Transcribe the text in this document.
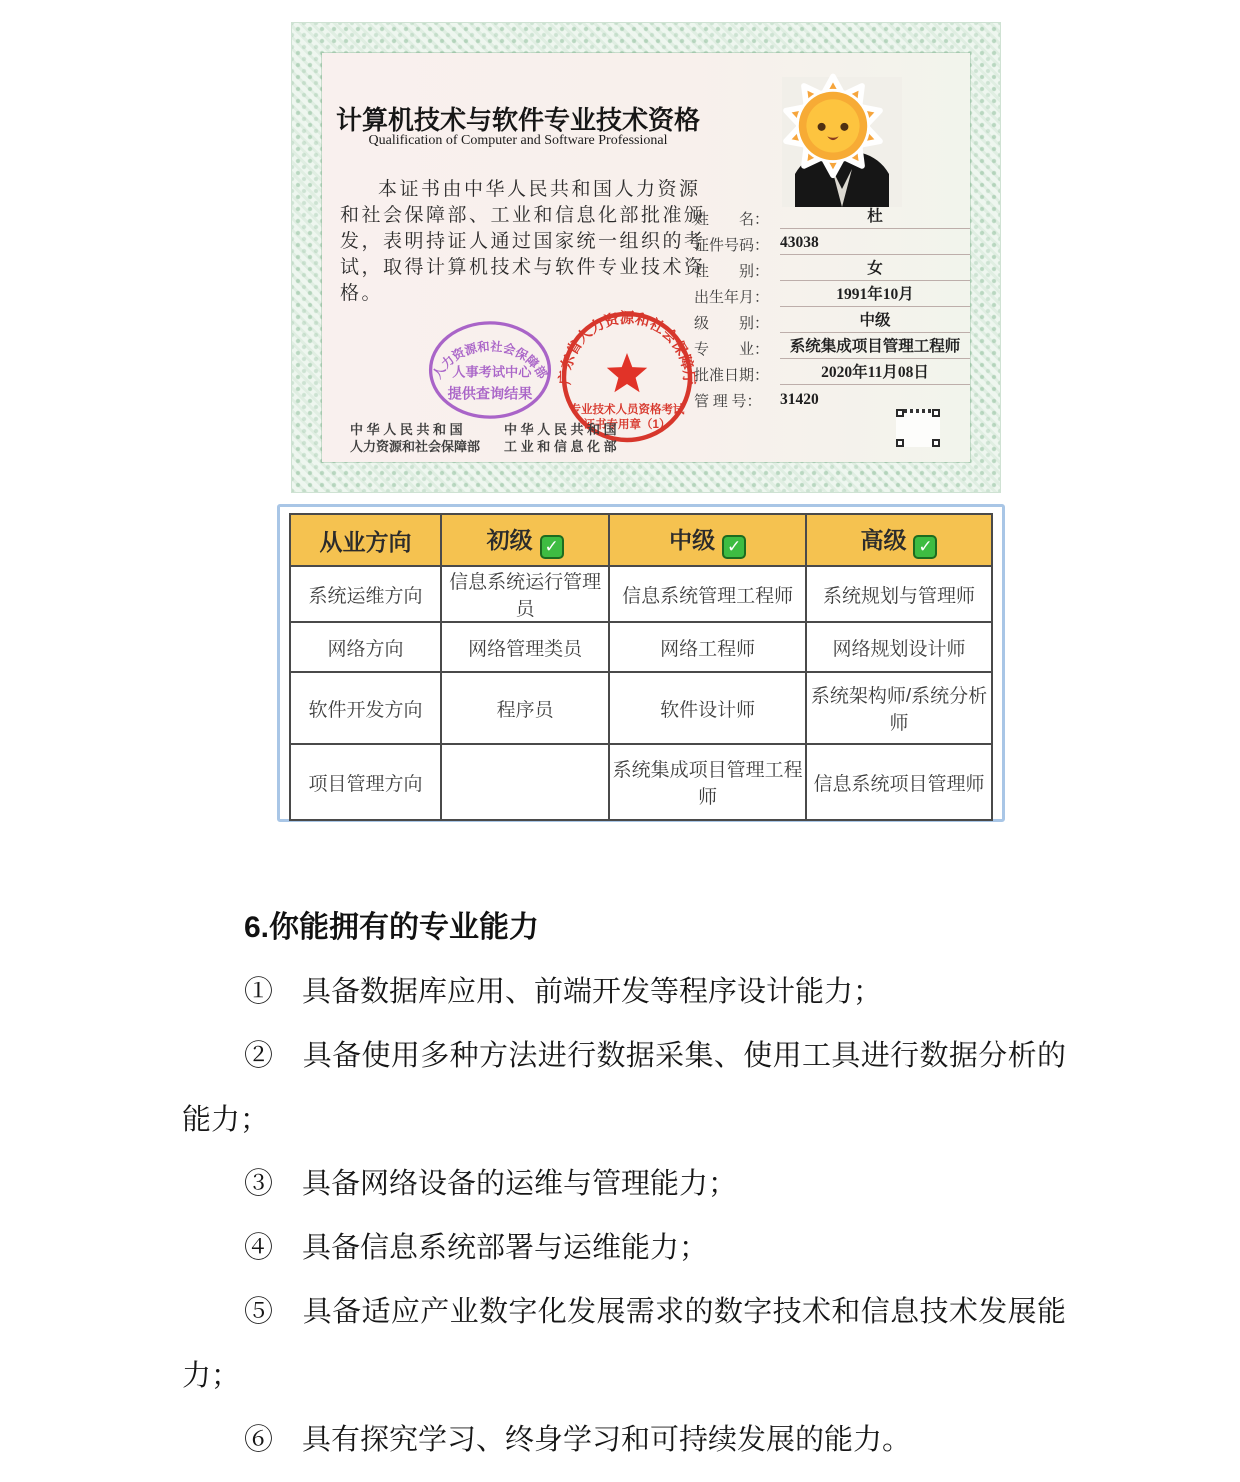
计算机技术与软件专业技术资格
Qualification of Computer and Software Professional
本证书由中华人民共和国人力资源
和社会保障部、工业和信息化部批准颁
发，表明持证人通过国家统一组织的考
试，取得计算机技术与软件专业技术资
格。
姓　　名：	杜
证件号码： 43038
性　　别：	女
出生年月：	1991年10月
级　　别：	中级
专　　业：	系统集成项目管理工程师
批准日期：	2020年11月08日
管 理 号：	31420
人力资源和社会保障部
人事考试中心
提供查询结果
广东省人力资源和社会保障厅
专业技术人员资格考试
证书专用章（1）
中 华 人 民 共 和 国
人力资源和社会保障部
中 华 人 民 共 和 国
工 业 和 信 息 化 部
从业方向	初级 ✓	中级 ✓	高级 ✓
系统运维方向	信息系统运行管理员	信息系统管理工程师	系统规划与管理师
网络方向	网络管理类员	网络工程师	网络规划设计师
软件开发方向	程序员	软件设计师	系统架构师/系统分析师
项目管理方向		系统集成项目管理工程师	信息系统项目管理师
6.你能拥有的专业能力

①　具备数据库应用、前端开发等程序设计能力；

②　具备使用多种方法进行数据采集、使用工具进行数据分析的能力；

③　具备网络设备的运维与管理能力；

④　具备信息系统部署与运维能力；

⑤　具备适应产业数字化发展需求的数字技术和信息技术发展能力；

⑥　具有探究学习、终身学习和可持续发展的能力。
